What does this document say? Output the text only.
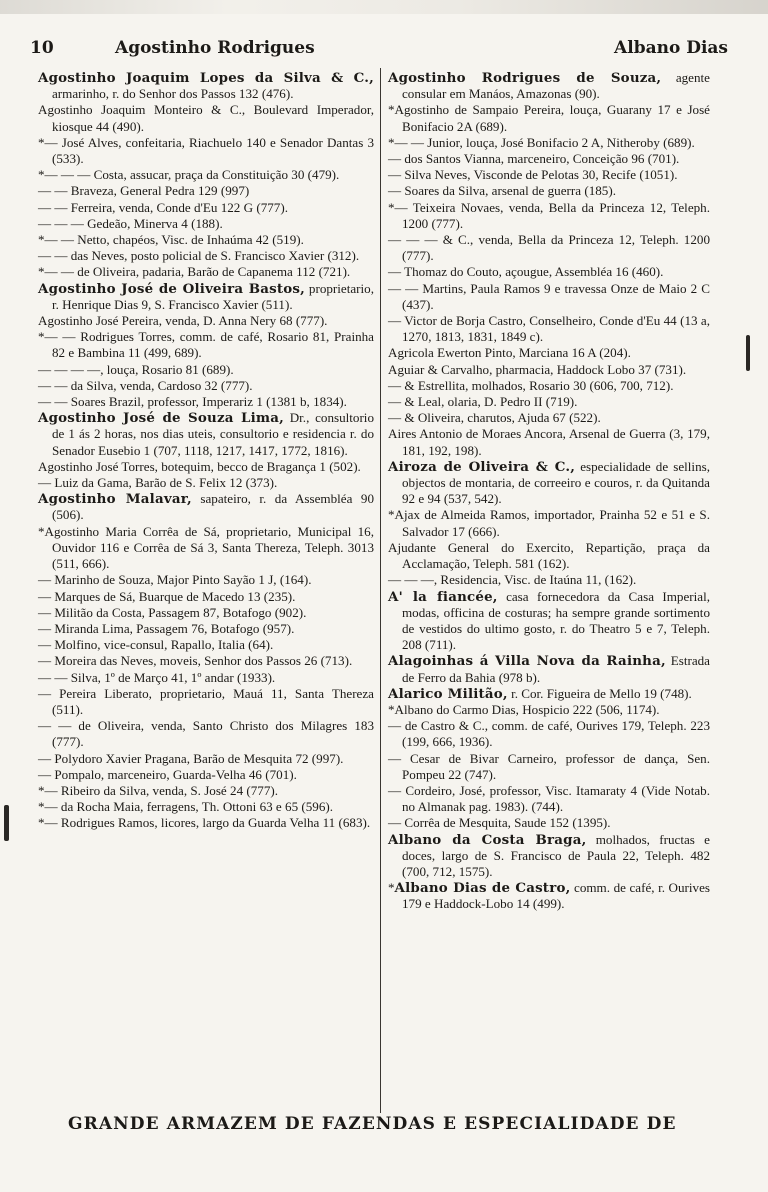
10	Agostinho Rodrigues	Albano Dias
Agostinho Joaquim Lopes da Silva & C., armarinho, r. do Senhor dos Passos 132 (476).
Agostinho Joaquim Monteiro & C., Boulevard Imperador, kiosque 44 (490).
*— José Alves, confeitaria, Riachuelo 140 e Senador Dantas 3 (533).
*— — — Costa, assucar, praça da Constituição 30 (479).
— — Braveza, General Pedra 129 (997)
— — Ferreira, venda, Conde d'Eu 122 G (777).
— — — Gedeão, Minerva 4 (188).
*— — Netto, chapéos, Visc. de Inhaúma 42 (519).
— — das Neves, posto policial de S. Francisco Xavier (312).
*— — de Oliveira, padaria, Barão de Capanema 112 (721).
Agostinho José de Oliveira Bastos, proprietario, r. Henrique Dias 9, S. Francisco Xavier (511).
Agostinho José Pereira, venda, D. Anna Nery 68 (777).
*— — Rodrigues Torres, comm. de café, Rosario 81, Prainha 82 e Bambina 11 (499, 689).
— — — —, louça, Rosario 81 (689).
— — da Silva, venda, Cardoso 32 (777).
— — Soares Brazil, professor, Imperariz 1 (1381 b, 1834).
Agostinho José de Souza Lima, Dr., consultorio de 1 ás 2 horas, nos dias uteis, consultorio e residencia r. do Senador Eusebio 1 (707, 1118, 1217, 1417, 1772, 1816).
Agostinho José Torres, botequim, becco de Bragança 1 (502).
— Luiz da Gama, Barão de S. Felix 12 (373).
Agostinho Malavar, sapateiro, r. da Assembléa 90 (506).
*Agostinho Maria Corrêa de Sá, proprietario, Municipal 16, Ouvidor 116 e Corrêa de Sá 3, Santa Thereza, Teleph. 3013 (511, 666).
— Marinho de Souza, Major Pinto Sayão 1 J, (164).
— Marques de Sá, Buarque de Macedo 13 (235).
— Militão da Costa, Passagem 87, Botafogo (902).
— Miranda Lima, Passagem 76, Botafogo (957).
— Molfino, vice-consul, Rapallo, Italia (64).
— Moreira das Neves, moveis, Senhor dos Passos 26 (713).
— — Silva, 1º de Março 41, 1º andar (1933).
— Pereira Liberato, proprietario, Mauá 11, Santa Thereza (511).
— — de Oliveira, venda, Santo Christo dos Milagres 183 (777).
— Polydoro Xavier Pragana, Barão de Mesquita 72 (997).
— Pompalo, marceneiro, Guarda-Velha 46 (701).
*— Ribeiro da Silva, venda, S. José 24 (777).
*— da Rocha Maia, ferragens, Th. Ottoni 63 e 65 (596).
*— Rodrigues Ramos, licores, largo da Guarda Velha 11 (683).
Agostinho Rodrigues de Souza, agente consular em Manáos, Amazonas (90).
*Agostinho de Sampaio Pereira, louça, Guarany 17 e José Bonifacio 2A (689).
*— — Junior, louça, José Bonifacio 2 A, Nitheroby (689).
— dos Santos Vianna, marceneiro, Conceição 96 (701).
— Silva Neves, Visconde de Pelotas 30, Recife (1051).
— Soares da Silva, arsenal de guerra (185).
*— Teixeira Novaes, venda, Bella da Princeza 12, Teleph. 1200 (777).
— — — & C., venda, Bella da Princeza 12, Teleph. 1200 (777).
— Thomaz do Couto, açougue, Assembléa 16 (460).
— — Martins, Paula Ramos 9 e travessa Onze de Maio 2 C (437).
— Victor de Borja Castro, Conselheiro, Conde d'Eu 44 (13 a, 1270, 1813, 1831, 1849 c).
Agricola Ewerton Pinto, Marciana 16 A (204).
Aguiar & Carvalho, pharmacia, Haddock Lobo 37 (731).
— & Estrellita, molhados, Rosario 30 (606, 700, 712).
— & Leal, olaria, D. Pedro II (719).
— & Oliveira, charutos, Ajuda 67 (522).
Aires Antonio de Moraes Ancora, Arsenal de Guerra (3, 179, 181, 192, 198).
Airoza de Oliveira & C., especialidade de sellins, objectos de montaria, de correeiro e couros, r. da Quitanda 92 e 94 (537, 542).
*Ajax de Almeida Ramos, importador, Prainha 52 e 51 e S. Salvador 17 (666).
Ajudante General do Exercito, Repartição, praça da Acclamação, Teleph. 581 (162).
— — —, Residencia, Visc. de Itaúna 11, (162).
A' la fiancée, casa fornecedora da Casa Imperial, modas, officina de costuras; ha sempre grande sortimento de vestidos do ultimo gosto, r. do Theatro 5 e 7, Teleph. 208 (711).
Alagoinhas á Villa Nova da Rainha, Estrada de Ferro da Bahia (978 b).
Alarico Militão, r. Cor. Figueira de Mello 19 (748).
*Albano do Carmo Dias, Hospicio 222 (506, 1174).
— de Castro & C., comm. de café, Ourives 179, Teleph. 223 (199, 666, 1936).
— Cesar de Bivar Carneiro, professor de dança, Sen. Pompeu 22 (747).
— Cordeiro, José, professor, Visc. Itamaraty 4 (Vide Notab. no Almanak pag. 1983). (744).
— Corrêa de Mesquita, Saude 152 (1395).
Albano da Costa Braga, molhados, fructas e doces, largo de S. Francisco de Paula 22, Teleph. 482 (700, 712, 1575).
*Albano Dias de Castro, comm. de café, r. Ourives 179 e Haddock-Lobo 14 (499).
GRANDE ARMAZEM DE FAZENDAS E ESPECIALIDADE DE
